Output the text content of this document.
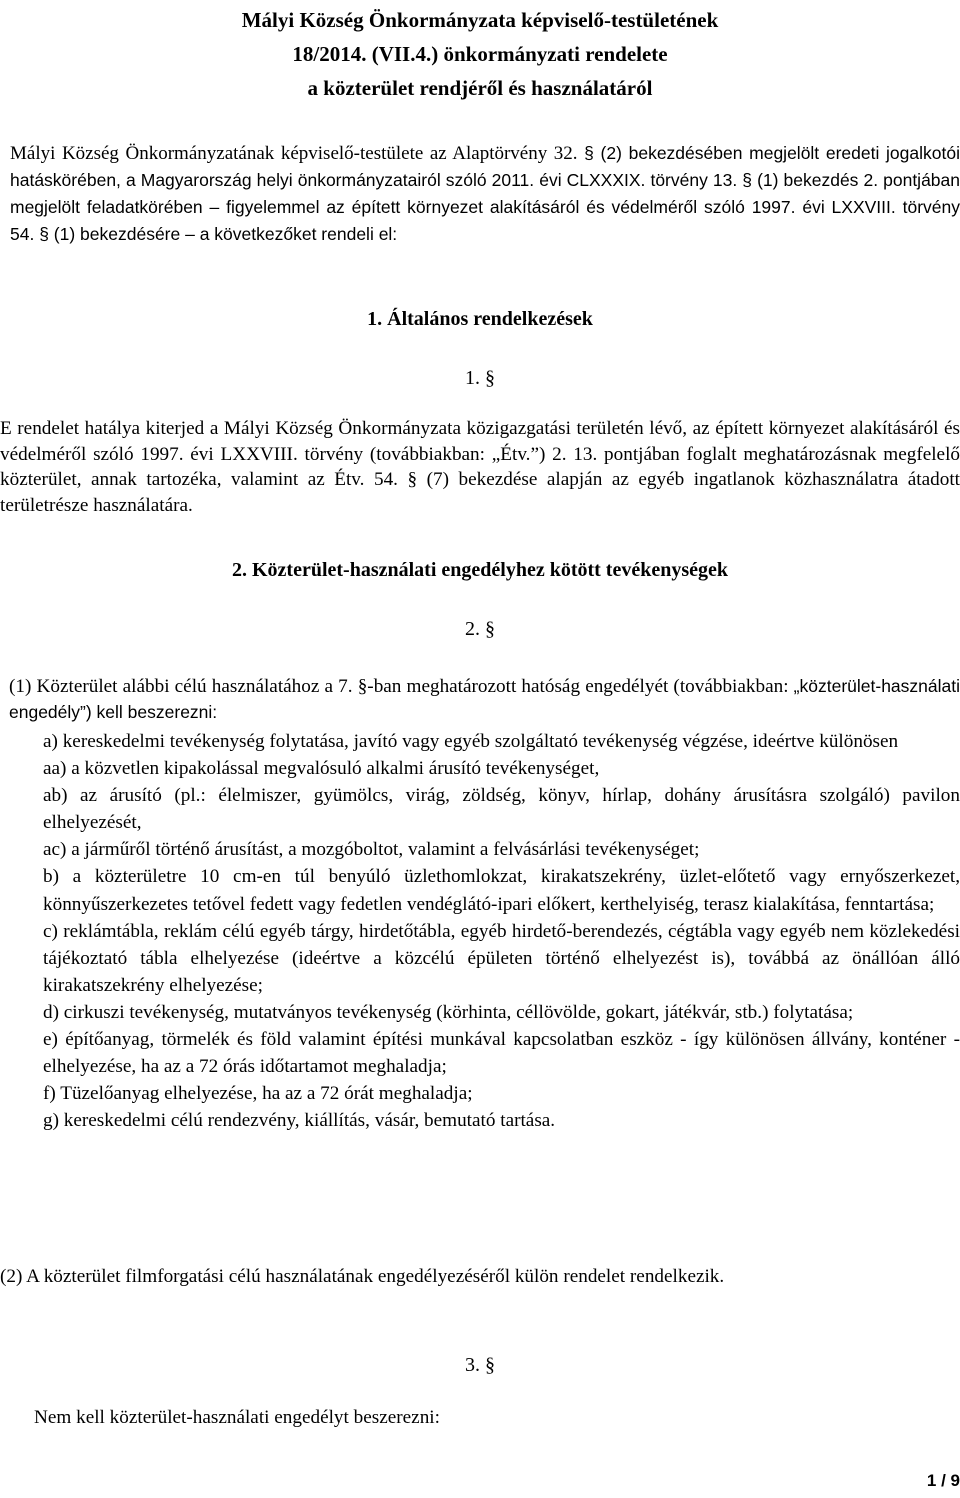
Mályi Község Önkormányzata képviselő-testületének
18/2014. (VII.4.) önkormányzati rendelete
a közterület rendjéről és használatáról
Mályi Község Önkormányzatának képviselő-testülete az Alaptörvény 32. § (2) bekezdésében megjelölt eredeti jogalkotói hatáskörében, a Magyarország helyi önkormányzatairól szóló 2011. évi CLXXXIX. törvény 13. § (1) bekezdés 2. pontjában megjelölt feladatkörében – figyelemmel az épített környezet alakításáról és védelméről szóló 1997. évi LXXVIII. törvény 54. § (1) bekezdésére – a következőket rendeli el:
1. Általános rendelkezések
1. §
E rendelet hatálya kiterjed a Mályi Község Önkormányzata közigazgatási területén lévő, az épített környezet alakításáról és védelméről szóló 1997. évi LXXVIII. törvény (továbbiakban: „Étv.”) 2. 13. pontjában foglalt meghatározásnak megfelelő közterület, annak tartozéka, valamint az Étv. 54. § (7) bekezdése alapján az egyéb ingatlanok közhasználatra átadott területrésze használatára.
2. Közterület-használati engedélyhez kötött tevékenységek
2. §
(1) Közterület alábbi célú használatához a 7. §-ban meghatározott hatóság engedélyét (továbbiakban: „közterület-használati engedély”) kell beszerezni:

a) kereskedelmi tevékenység folytatása, javító vagy egyéb szolgáltató tevékenység végzése, ideértve különösen

aa) a közvetlen kipakolással megvalósuló alkalmi árusító tevékenységet,

ab) az árusító (pl.: élelmiszer, gyümölcs, virág, zöldség, könyv, hírlap, dohány árusításra szolgáló) pavilon elhelyezését,

ac) a járműről történő árusítást, a mozgóboltot, valamint a felvásárlási tevékenységet;

b) a közterületre 10 cm-en túl benyúló üzlethomlokzat, kirakatszekrény, üzlet-előtető vagy ernyőszerkezet, könnyűszerkezetes tetővel fedett vagy fedetlen vendéglátó-ipari előkert, kerthelyiség, terasz kialakítása, fenntartása;

c) reklámtábla, reklám célú egyéb tárgy, hirdetőtábla, egyéb hirdető-berendezés, cégtábla vagy egyéb nem közlekedési tájékoztató tábla elhelyezése (ideértve a közcélú épületen történő elhelyezést is), továbbá az önállóan álló kirakatszekrény elhelyezése;

d) cirkuszi tevékenység, mutatványos tevékenység (körhinta, céllövölde, gokart, játékvár, stb.) folytatása;

e) építőanyag, törmelék és föld valamint építési munkával kapcsolatban eszköz - így különösen állvány, konténer - elhelyezése, ha az a 72 órás időtartamot meghaladja;

f) Tüzelőanyag elhelyezése, ha az a 72 órát meghaladja;

g) kereskedelmi célú rendezvény, kiállítás, vásár, bemutató tartása.

(2) A közterület filmforgatási célú használatának engedélyezéséről külön rendelet rendelkezik.
3. §
Nem kell közterület-használati engedélyt beszerezni:
1 / 9
